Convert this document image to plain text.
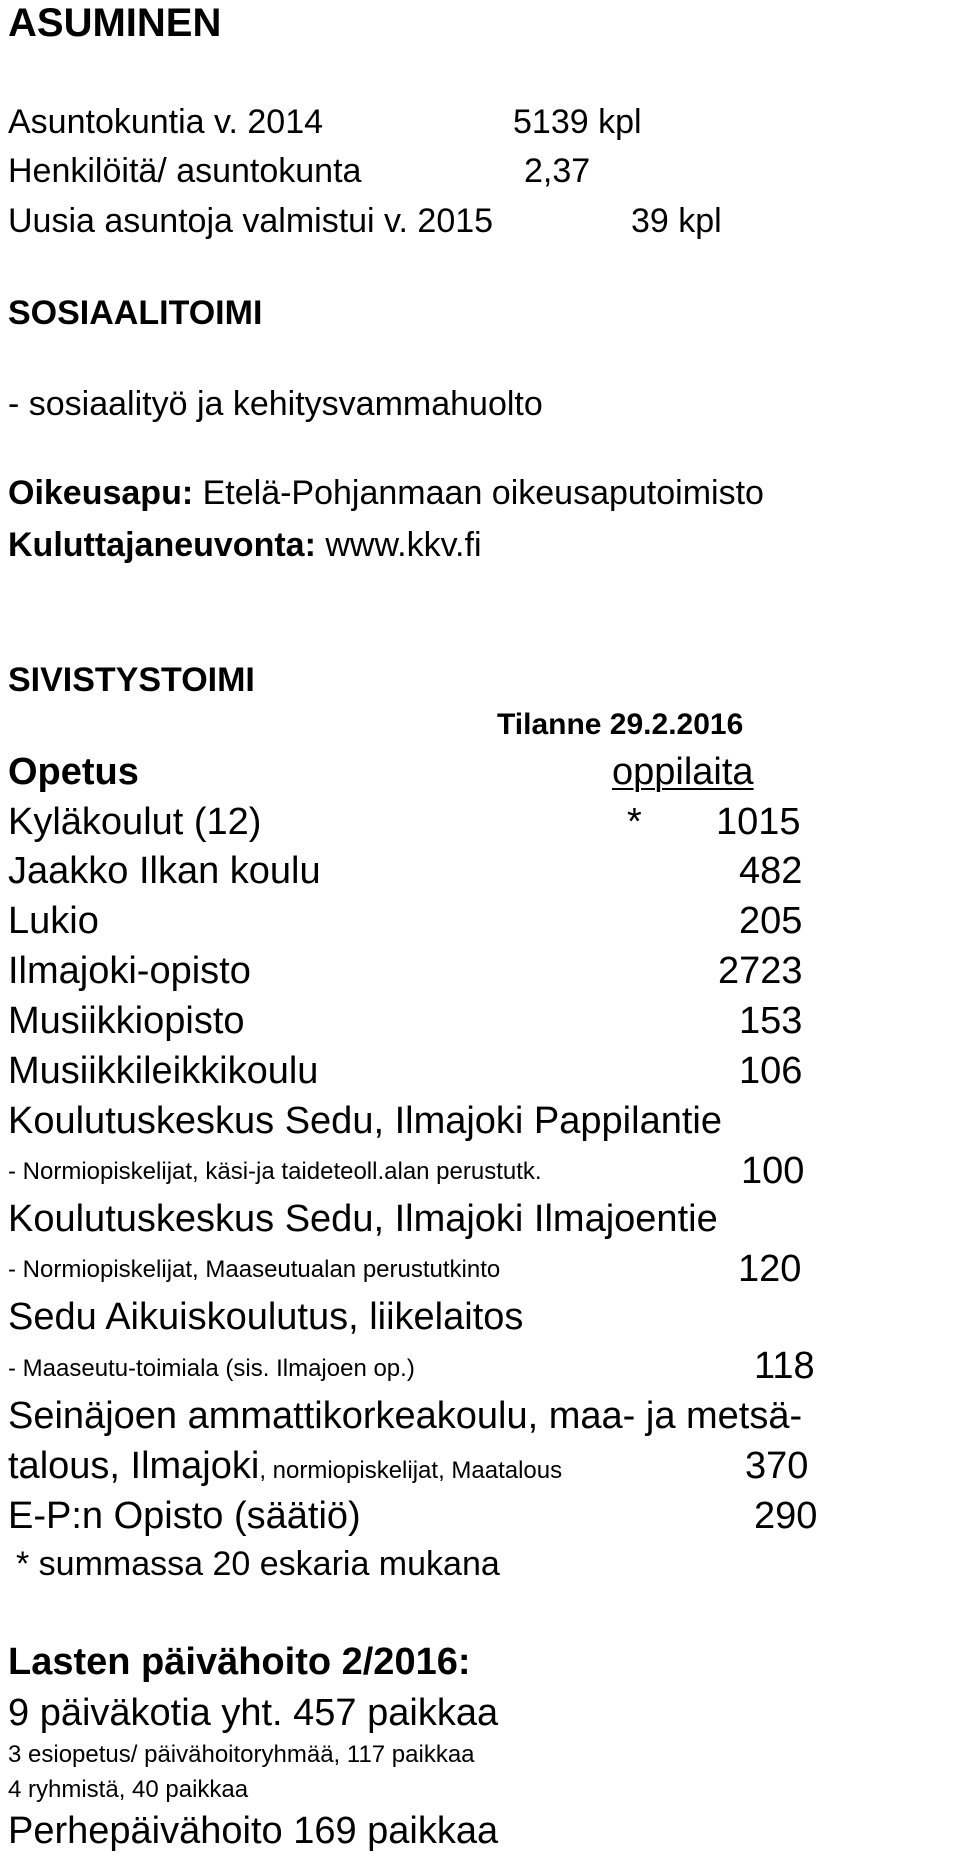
ASUMINEN
Asuntokuntia v. 2014	5139 kpl
Henkilöitä/ asuntokunta	2,37
Uusia asuntoja valmistui v. 2015	39 kpl
SOSIAALITOIMI
- sosiaalityö ja kehitysvammahuolto
Oikeusapu: Etelä-Pohjanmaan oikeusaputoimisto
Kuluttajaneuvonta: www.kkv.fi
SIVISTYSTOIMI
Tilanne 29.2.2016
Opetus	oppilaita
Kyläkoulut (12)	* 1015
Jaakko Ilkan koulu	482
Lukio	205
Ilmajoki-opisto	2723
Musiikkiopisto	153
Musiikkileikkikoulu	106
Koulutuskeskus Sedu, Ilmajoki Pappilantie
- Normiopiskelijat, käsi-ja taideteoll.alan perustutk.	100
Koulutuskeskus Sedu, Ilmajoki Ilmajoentie
- Normiopiskelijat, Maaseutualan perustutkinto	120
Sedu Aikuiskoulutus, liikelaitos
- Maaseutu-toimiala (sis. Ilmajoen op.)	118
Seinäjoen ammattikorkeakoulu, maa- ja metsä-
talous, Ilmajoki, normiopiskelijat, Maatalous	370
E-P:n Opisto (säätiö)	290
* summassa 20 eskaria mukana
Lasten päivähoito 2/2016:
9 päiväkotia yht. 457 paikkaa
3 esiopetus/ päivähoitoryhmää, 117 paikkaa
4 ryhmistä, 40 paikkaa
Perhepäivähoito 169 paikkaa
